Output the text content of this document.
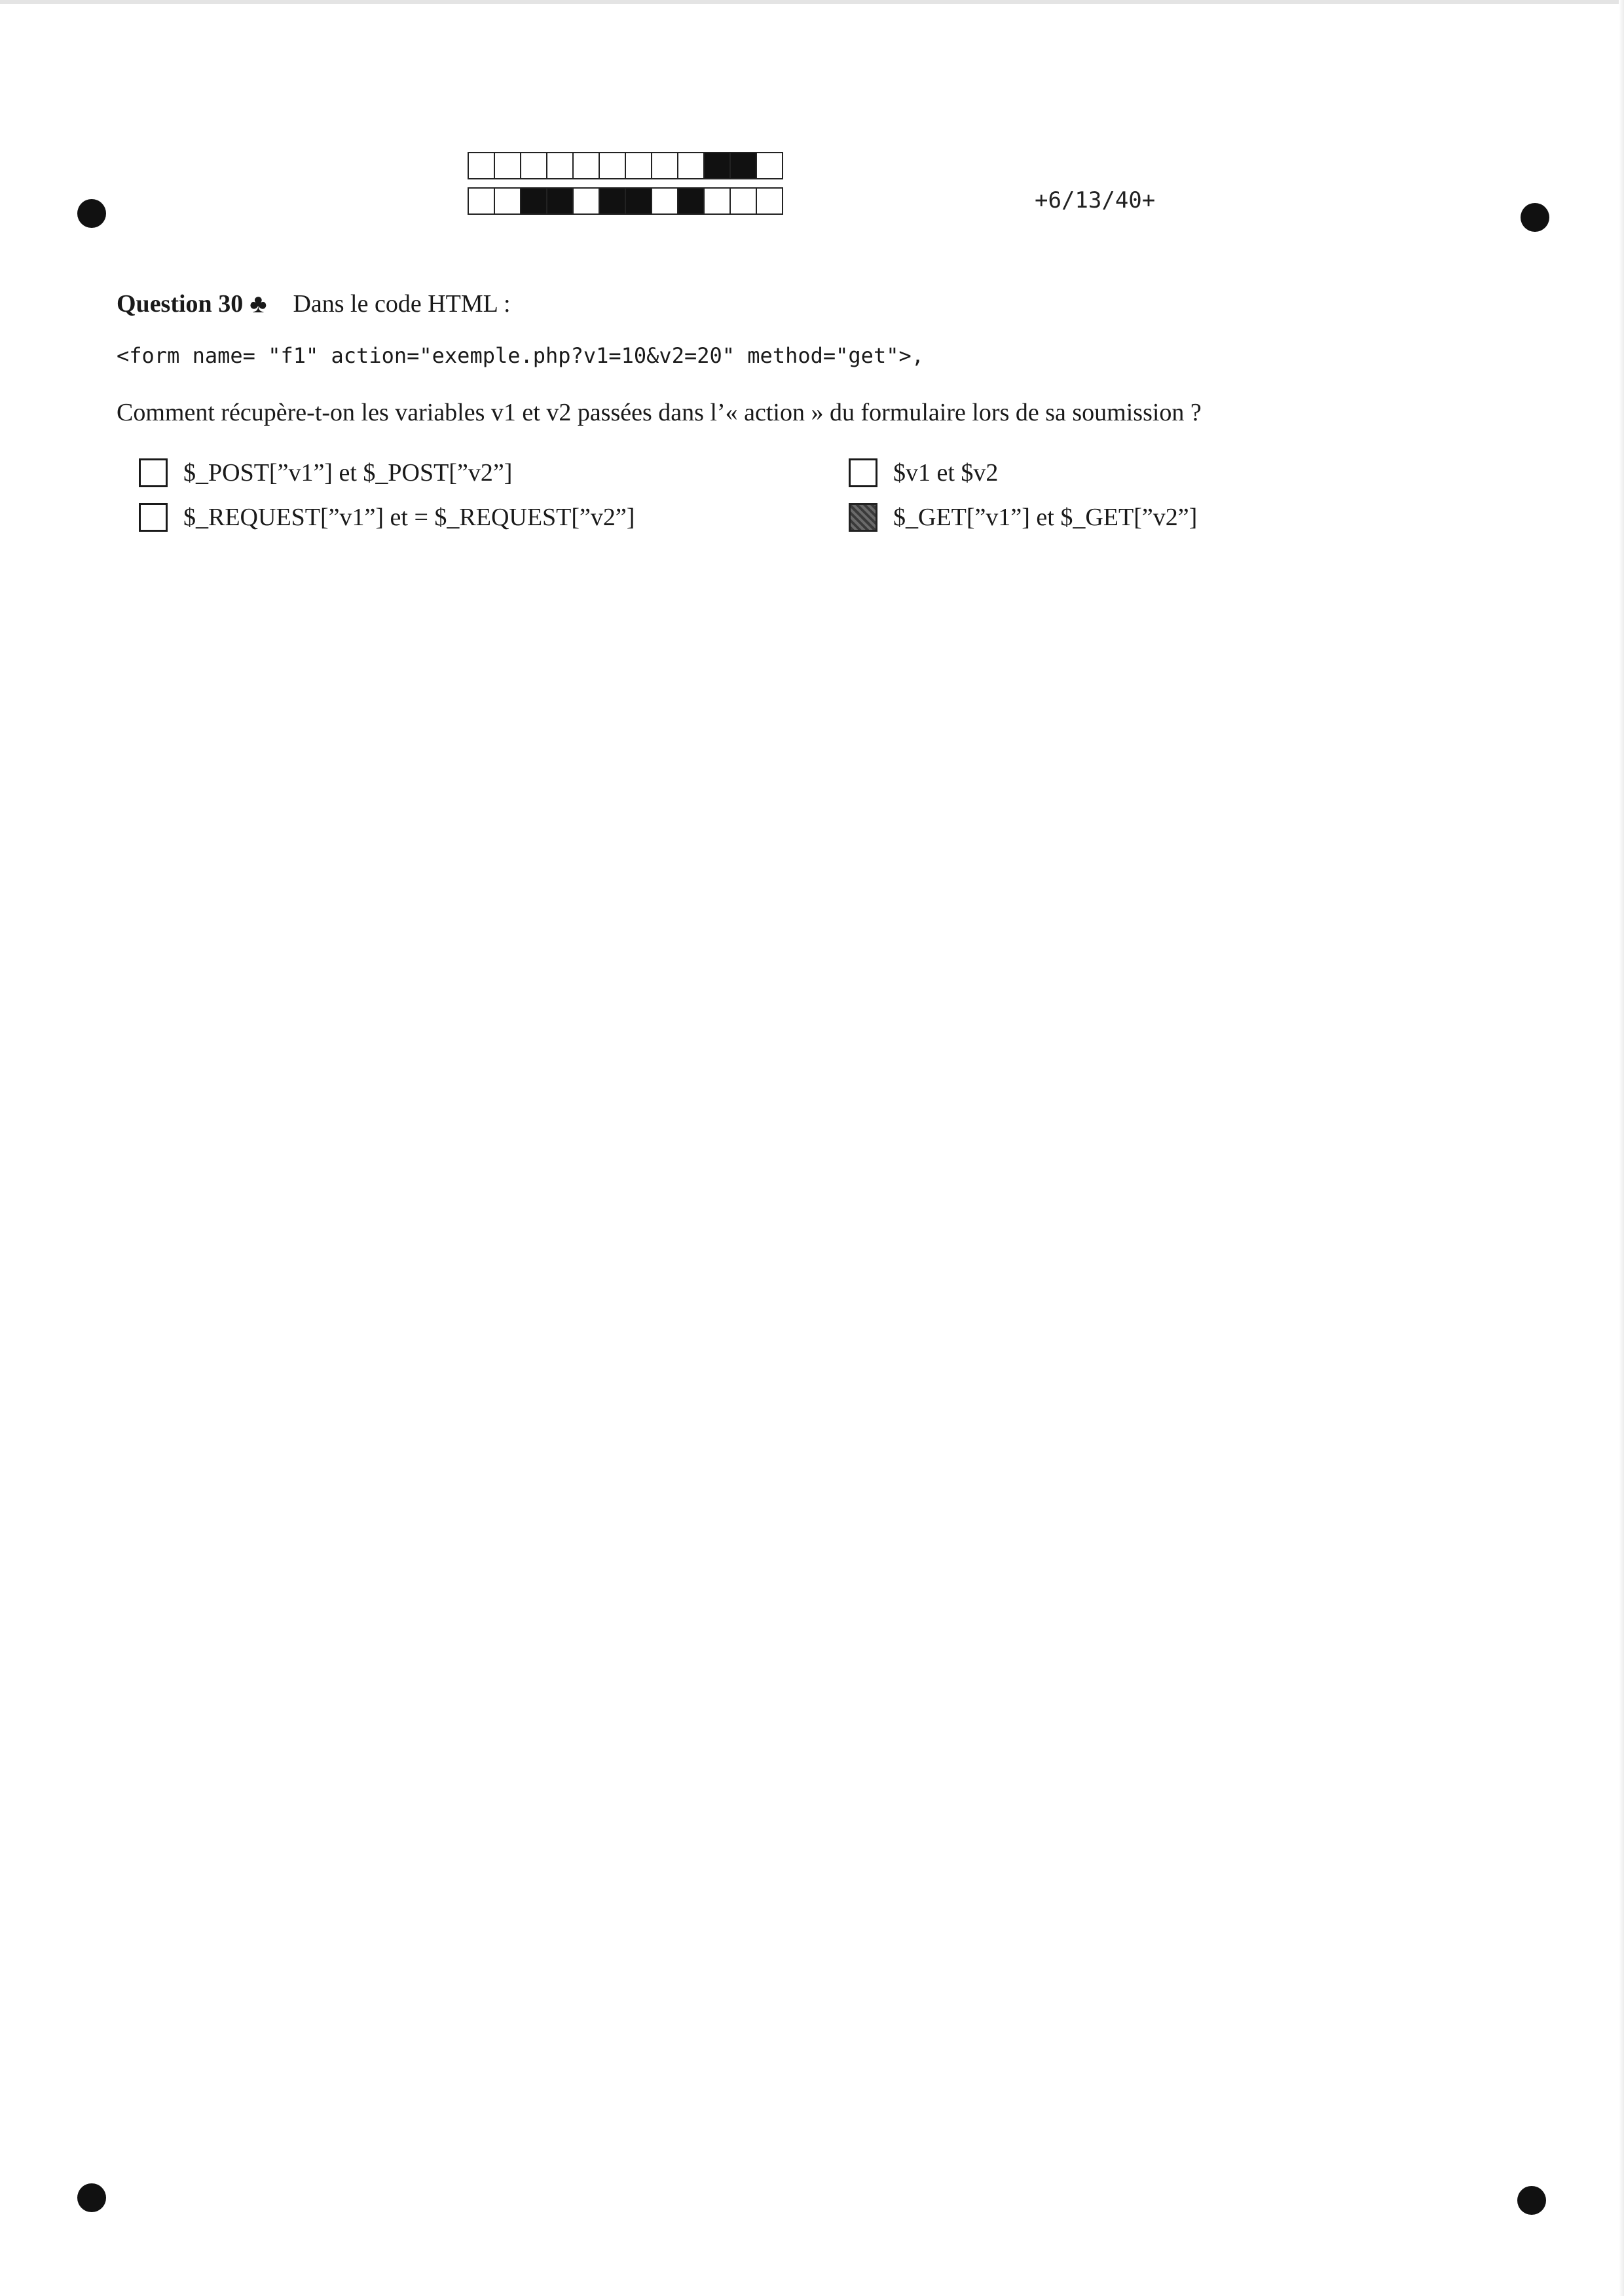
+6/13/40+
Question 30 ♣ Dans le code HTML :
<form name= "f1" action="exemple.php?v1=10&v2=20" method="get">,
Comment récupère-t-on les variables v1 et v2 passées dans l’« action » du formulaire lors de sa soumission ?
$_POST[”v1”] et $_POST[”v2”]
$_REQUEST[”v1”] et = $_REQUEST[”v2”]
$v1 et $v2
$_GET[”v1”] et $_GET[”v2”]
